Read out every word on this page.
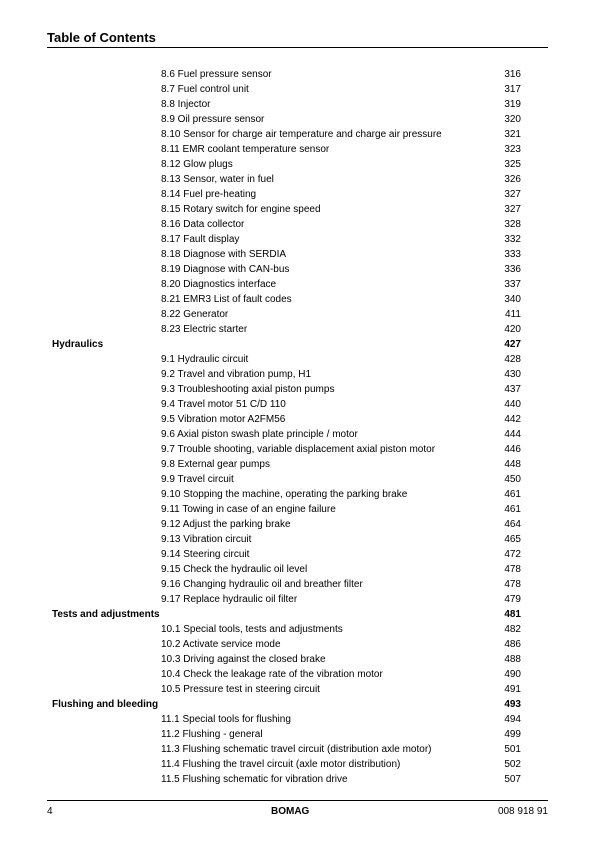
Table of Contents
8.6 Fuel pressure sensor	316
8.7 Fuel control unit	317
8.8 Injector	319
8.9 Oil pressure sensor	320
8.10 Sensor for charge air temperature and charge air pressure	321
8.11 EMR coolant temperature sensor	323
8.12 Glow plugs	325
8.13 Sensor, water in fuel	326
8.14 Fuel pre-heating	327
8.15 Rotary switch for engine speed	327
8.16 Data collector	328
8.17 Fault display	332
8.18 Diagnose with SERDIA	333
8.19 Diagnose with CAN-bus	336
8.20 Diagnostics interface	337
8.21 EMR3 List of fault codes	340
8.22 Generator	411
8.23 Electric starter	420
Hydraulics	427
9.1 Hydraulic circuit	428
9.2 Travel and vibration pump, H1	430
9.3 Troubleshooting axial piston pumps	437
9.4 Travel motor 51 C/D 110	440
9.5 Vibration motor A2FM56	442
9.6 Axial piston swash plate principle / motor	444
9.7 Trouble shooting, variable displacement axial piston motor	446
9.8 External gear pumps	448
9.9 Travel circuit	450
9.10 Stopping the machine, operating the parking brake	461
9.11 Towing in case of an engine failure	461
9.12 Adjust the parking brake	464
9.13 Vibration circuit	465
9.14 Steering circuit	472
9.15 Check the hydraulic oil level	478
9.16 Changing hydraulic oil and breather filter	478
9.17 Replace hydraulic oil filter	479
Tests and adjustments	481
10.1 Special tools, tests and adjustments	482
10.2 Activate service mode	486
10.3 Driving against the closed brake	488
10.4 Check the leakage rate of the vibration motor	490
10.5 Pressure test in steering circuit	491
Flushing and bleeding	493
11.1 Special tools for flushing	494
11.2 Flushing - general	499
11.3 Flushing schematic travel circuit (distribution axle motor)	501
11.4 Flushing the travel circuit (axle motor distribution)	502
11.5 Flushing schematic for vibration drive	507
4	BOMAG	008 918 91
